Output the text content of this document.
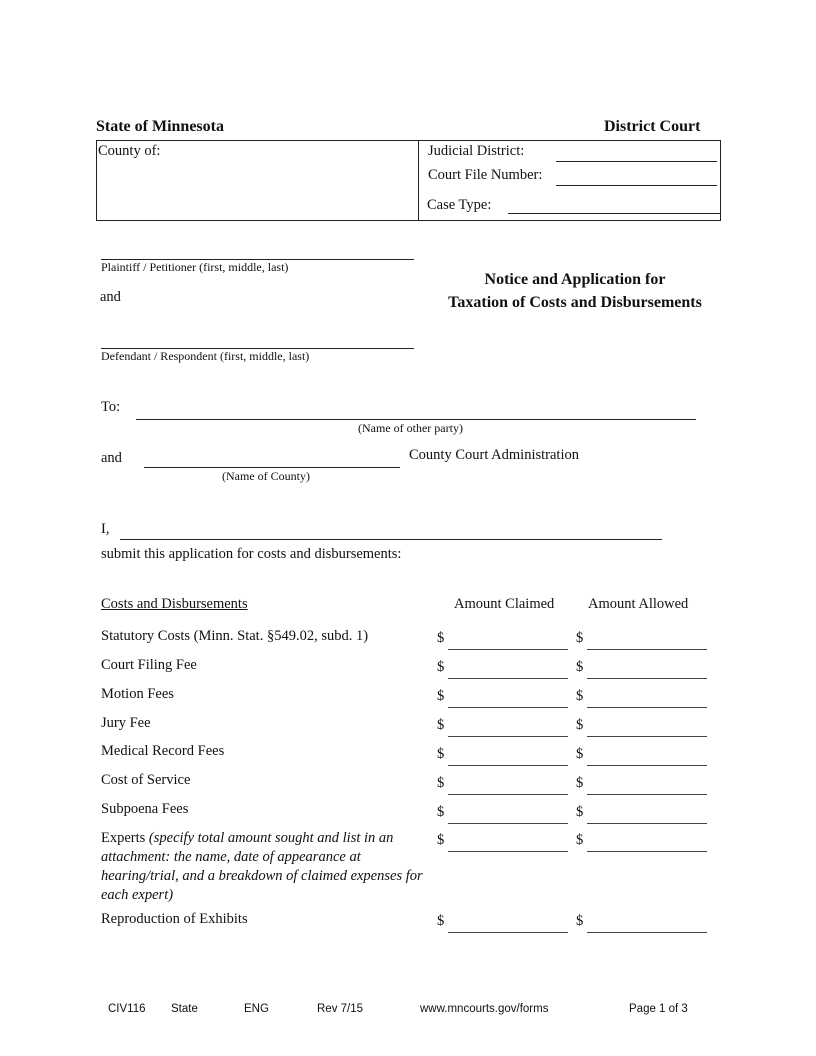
State of Minnesota	District Court
County of:	Judicial District:
Court File Number:
Case Type:
Plaintiff / Petitioner (first, middle, last)
and
Defendant / Respondent (first, middle, last)
Notice and Application for
Taxation of Costs and Disbursements
To:
(Name of other party)
and	County Court Administration
(Name of County)
I,
submit this application for costs and disbursements:
Costs and Disbursements	Amount Claimed Amount Allowed
Statutory Costs (Minn. Stat. §549.02, subd. 1)	$	$
Court Filing Fee	$	$
Motion Fees	$	$
Jury Fee	$	$
Medical Record Fees	$	$
Cost of Service	$	$
Subpoena Fees	$	$
Experts (specify total amount sought and list in an attachment: the name, date of appearance at hearing/trial, and a breakdown of claimed expenses for each expert)
$	$
Reproduction of Exhibits	$	$
CIV116 State	ENG	Rev 7/15	www.mncourts.gov/forms	Page 1 of 3
